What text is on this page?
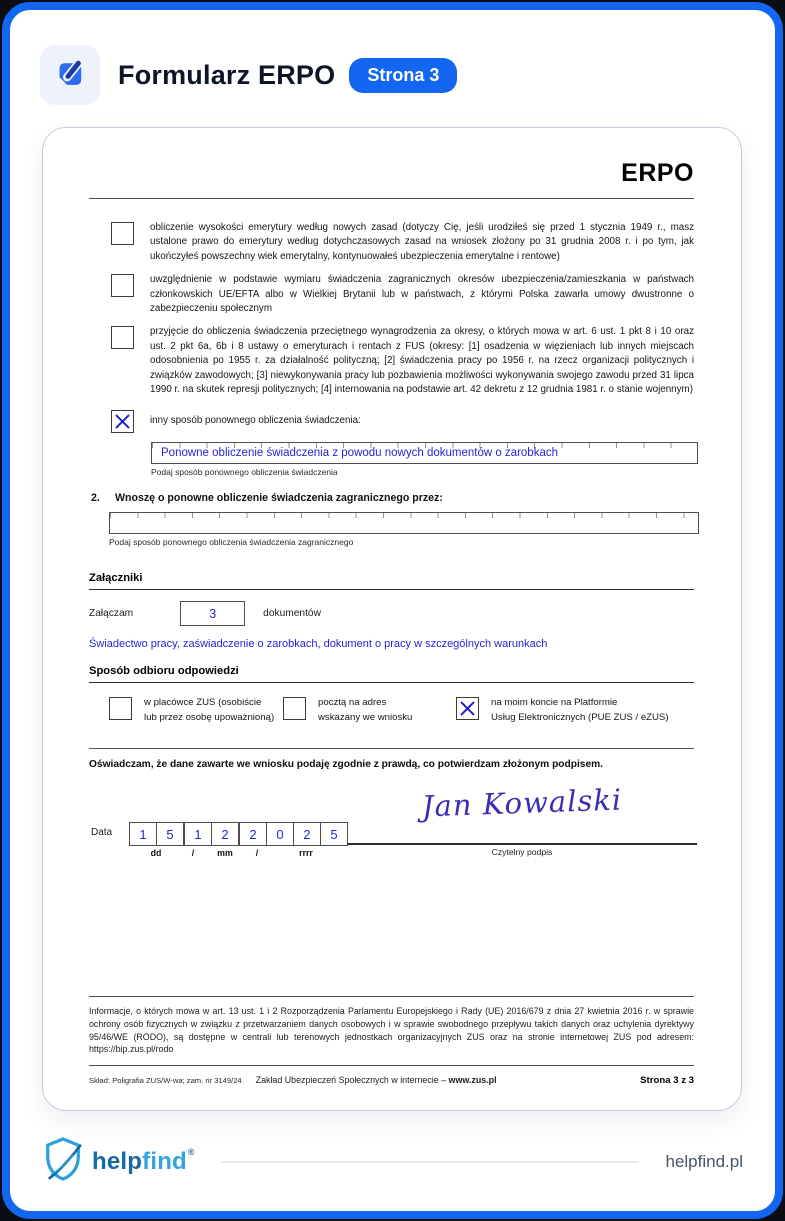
Formularz ERPO	Strona 3
ERPO
obliczenie wysokości emerytury według nowych zasad (dotyczy Cię, jeśli urodziłeś się przed 1 stycznia 1949 r., masz ustalone prawo do emerytury według dotychczasowych zasad na wniosek złożony po 31 grudnia 2008 r. i po tym, jak ukończyłeś powszechny wiek emerytalny, kontynuowałeś ubezpieczenia emerytalne i rentowe)
uwzględnienie w podstawie wymiaru świadczenia zagranicznych okresów ubezpieczenia/zamieszkania w państwach członkowskich UE/EFTA albo w Wielkiej Brytanii lub w państwach, z którymi Polska zawarła umowy dwustronne o zabezpieczeniu społecznym
przyjęcie do obliczenia świadczenia przeciętnego wynagrodzenia za okresy, o których mowa w art. 6 ust. 1 pkt 8 i 10 oraz ust. 2 pkt 6a, 6b i 8 ustawy o emeryturach i rentach z FUS (okresy: [1] osadzenia w więzieniach lub innych miejscach odosobnienia po 1955 r. za działalność polityczną; [2] świadczenia pracy po 1956 r. na rzecz organizacji politycznych i związków zawodowych; [3] niewykonywania pracy lub pozbawienia możliwości wykonywania swojego zawodu przed 31 lipca 1990 r. na skutek represji politycznych; [4] internowania na podstawie art. 42 dekretu z 12 grudnia 1981 r. o stanie wojennym)
inny sposób ponownego obliczenia świadczenia:
Ponowne obliczenie świadczenia z powodu nowych dokumentów o zarobkach
Podaj sposób ponownego obliczenia świadczenia
2.	Wnoszę o ponowne obliczenie świadczenia zagranicznego przez:
Podaj sposób ponownego obliczenia świadczenia zagranicznego
Załączniki
Załączam	3	dokumentów
Świadectwo pracy, zaświadczenie o zarobkach, dokument o pracy w szczególnych warunkach
Sposób odbioru odpowiedzi
w placówce ZUS (osobiście
lub przez osobę upoważnioną)
pocztą na adres
wskazany we wniosku
na moim koncie na Platformie
Usług Elektronicznych (PUE ZUS / eZUS)
Oświadczam, że dane zawarte we wniosku podaję zgodnie z prawdą, co potwierdzam złożonym podpisem.
Data	1	5	1	2	2	0	2	5
dd	/	mm	/	rrrr
Jan Kowalski
Czytelny podpis
Informacje, o których mowa w art. 13 ust. 1 i 2 Rozporządzenia Parlamentu Europejskiego i Rady (UE) 2016/679 z dnia 27 kwietnia 2016 r. w sprawie ochrony osób fizycznych w związku z przetwarzaniem danych osobowych i w sprawie swobodnego przepływu takich danych oraz uchylenia dyrektywy 95/46/WE (RODO), są dostępne w centrali lub terenowych jednostkach organizacyjnych ZUS oraz na stronie internetowej ZUS pod adresem: https://bip.zus.pl/rodo
Skład: Poligrafia ZUS/W-wa; zam. nr 3149/24 Zakład Ubezpieczeń Społecznych w internecie – www.zus.pl	Strona 3 z 3
helpfind®	helpfind.pl
